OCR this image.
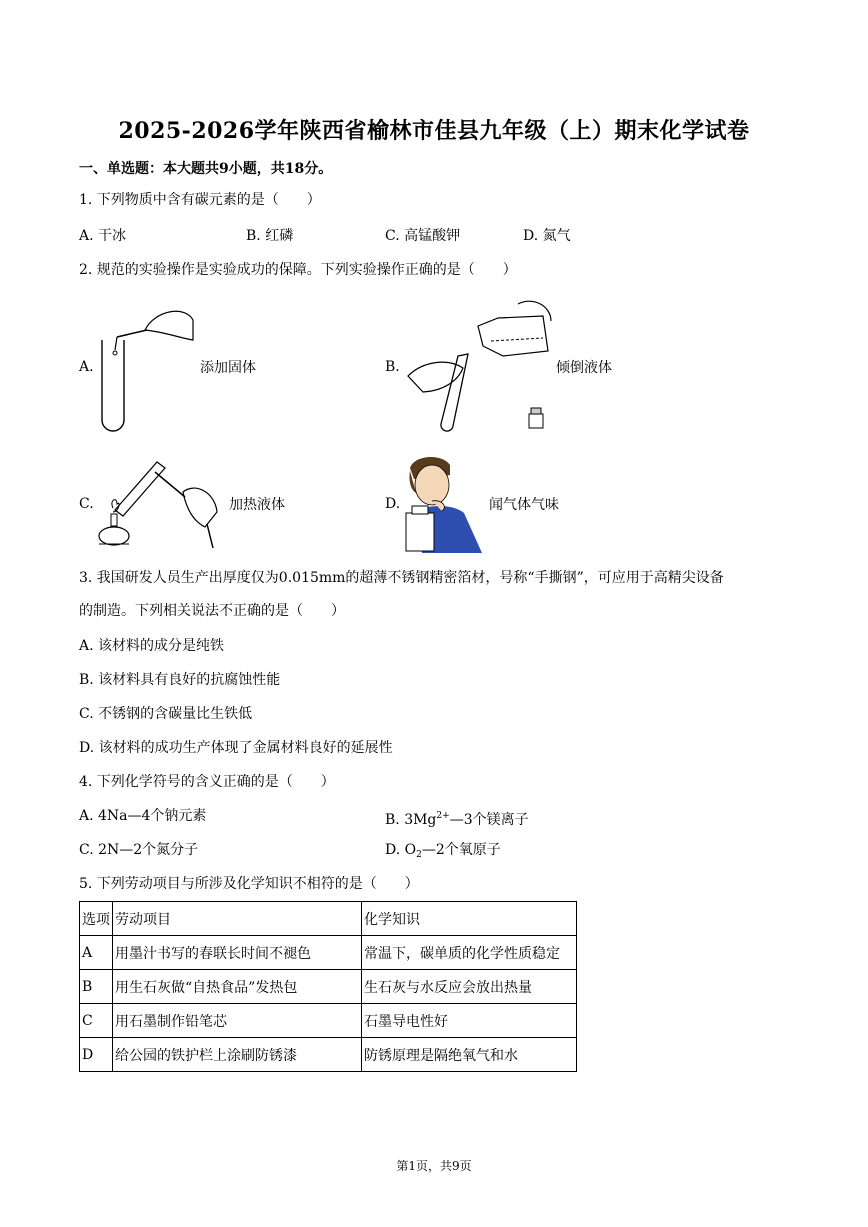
2025-2026学年陕西省榆林市佳县九年级（上）期末化学试卷
一、单选题：本大题共9小题，共18分。
1. 下列物质中含有碳元素的是（　　）
A. 干冰	B. 红磷	C. 高锰酸钾	D. 氮气
2. 规范的实验操作是实验成功的保障。下列实验操作正确的是（　　）
A.	添加固体	B.	倾倒液体
C.	加热液体	D.	闻气体气味
3. 我国研发人员生产出厚度仅为0.015mm的超薄不锈钢精密箔材，号称“手撕钢”，可应用于高精尖设备
的制造。下列相关说法不正确的是（　　）
A. 该材料的成分是纯铁
B. 该材料具有良好的抗腐蚀性能
C. 不锈钢的含碳量比生铁低
D. 该材料的成功生产体现了金属材料良好的延展性
4. 下列化学符号的含义正确的是（　　）
A. 4Na—4个钠元素	B. $3Mg^{2+}—3$个镁离子
C. 2N—2个氮分子	D. $O_2—2$个氧原子
5. 下列劳动项目与所涉及化学知识不相符的是（　　）
选项	劳动项目	化学知识
A	用墨汁书写的春联长时间不褪色	常温下，碳单质的化学性质稳定
B	用生石灰做“自热食品”发热包	生石灰与水反应会放出热量
C	用石墨制作铅笔芯	石墨导电性好
D	给公园的铁护栏上涂刷防锈漆	防锈原理是隔绝氧气和水
第1页，共9页
